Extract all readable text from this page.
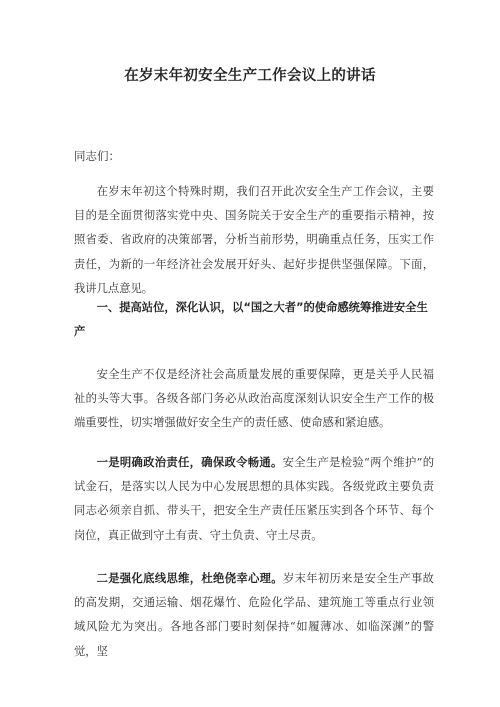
在岁末年初安全生产工作会议上的讲话
同志们：

在岁末年初这个特殊时期，我们召开此次安全生产工作会议，主要目的是全面贯彻落实党中央、国务院关于安全生产的重要指示精神，按照省委、省政府的决策部署，分析当前形势，明确重点任务，压实工作责任，为新的一年经济社会发展开好头、起好步提供坚强保障。下面，我讲几点意见。

一、提高站位，深化认识，以“国之大者”的使命感统筹推进安全生产

安全生产不仅是经济社会高质量发展的重要保障，更是关乎人民福祉的头等大事。各级各部门务必从政治高度深刻认识安全生产工作的极端重要性，切实增强做好安全生产的责任感、使命感和紧迫感。

一是明确政治责任，确保政令畅通。安全生产是检验“两个维护”的试金石，是落实以人民为中心发展思想的具体实践。各级党政主要负责同志必须亲自抓、带头干，把安全生产责任压紧压实到各个环节、每个岗位，真正做到守土有责、守土负责、守土尽责。

二是强化底线思维，杜绝侥幸心理。岁末年初历来是安全生产事故的高发期，交通运输、烟花爆竹、危险化学品、建筑施工等重点行业领域风险尤为突出。各地各部门要时刻保持“如履薄冰、如临深渊”的警觉，坚
